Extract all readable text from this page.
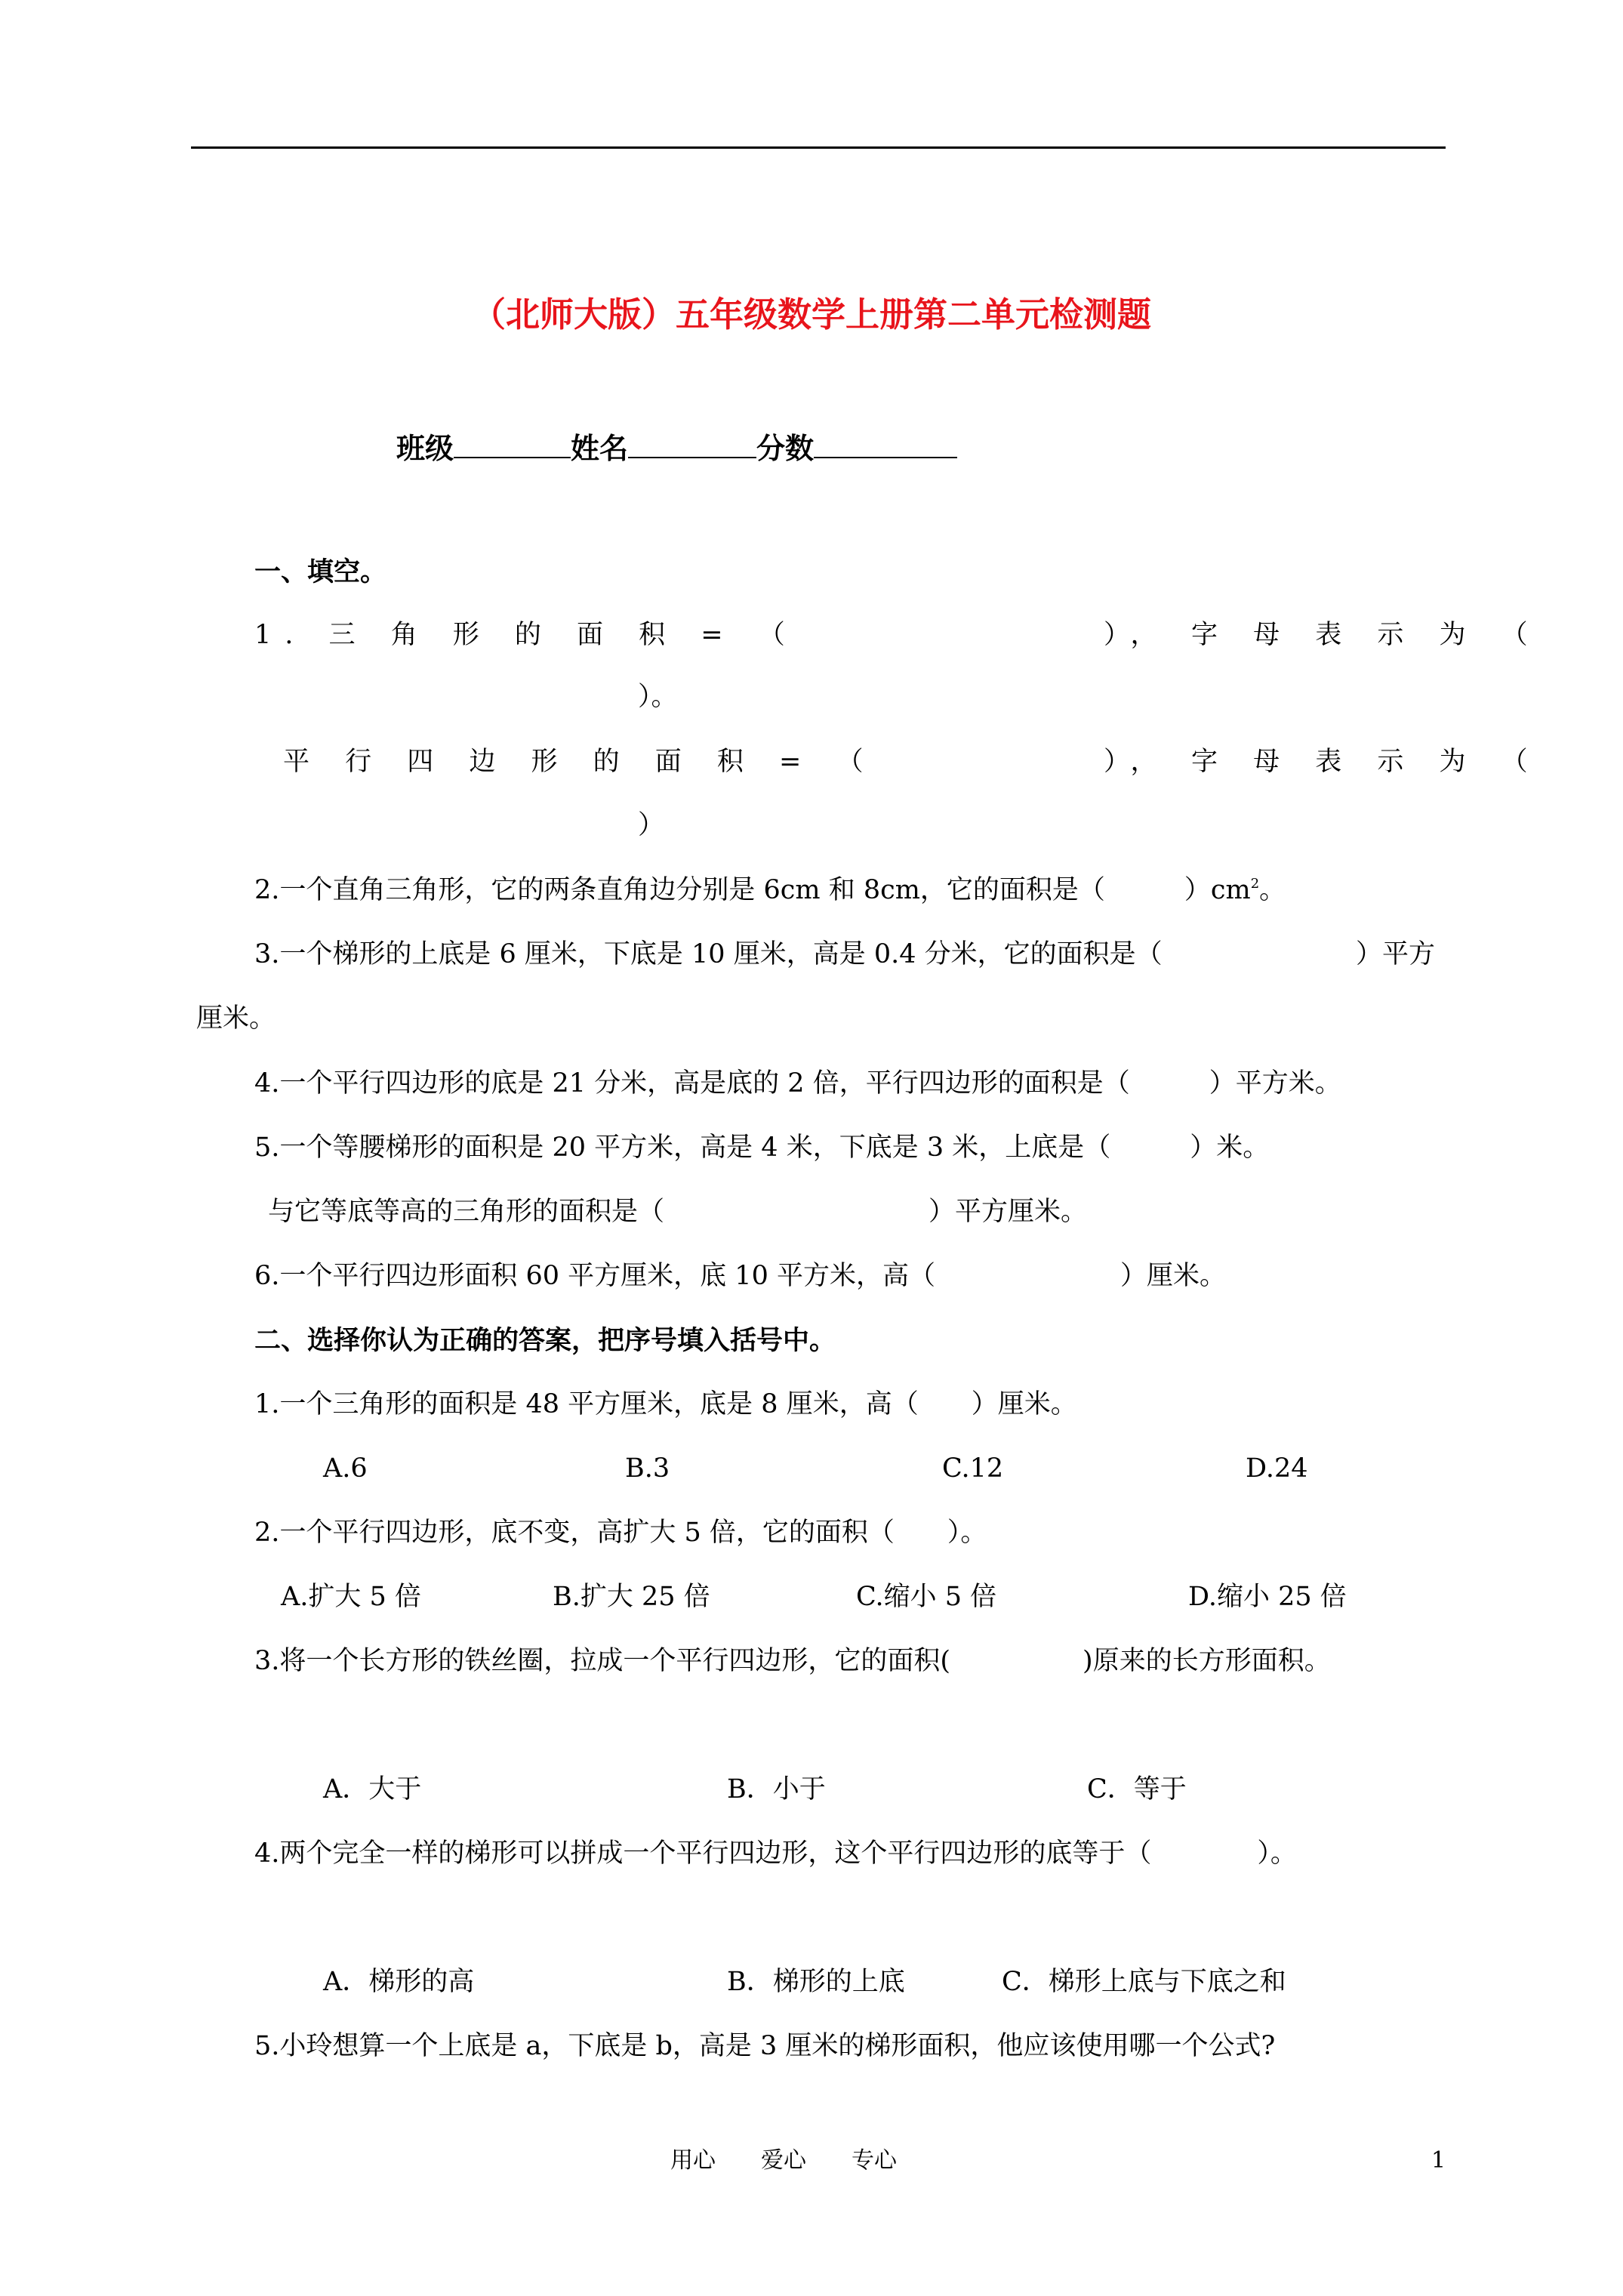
（北师大版）五年级数学上册第二单元检测题
班级	姓名	分数
一、填空。
1. 三 角 形 的 面 积 = （	）， 字 母 表 示 为 （
）。
平 行 四 边 形 的 面 积 = （	）， 字 母 表 示 为 （
）
2.一个直角三角形，它的两条直角边分别是 6cm 和 8cm，它的面积是（　　　）$cm^2$。
3.一个梯形的上底是 6 厘米，下底是 10 厘米，高是 0.4 分米，它的面积是（	）平方
厘米。
4.一个平行四边形的底是 21 分米，高是底的 2 倍，平行四边形的面积是（　　　）平方米。
5.一个等腰梯形的面积是 20 平方米，高是 4 米，下底是 3 米，上底是（　　　）米。
与它等底等高的三角形的面积是（　　　　　　　　　　）平方厘米。
6.一个平行四边形面积 60 平方厘米，底 10 平方米，高（　　　　　　　）厘米。
二、选择你认为正确的答案，把序号填入括号中。
1.一个三角形的面积是 48 平方厘米，底是 8 厘米，高（　　）厘米。
A.6	B.3	C.12	D.24
2.一个平行四边形，底不变，高扩大 5 倍，它的面积（　　）。
A.扩大 5 倍	B.扩大 25 倍	C.缩小 5 倍	D.缩小 25 倍
3.将一个长方形的铁丝圈，拉成一个平行四边形，它的面积(　　　　　)原来的长方形面积。
A．大于	B．小于	C．等于
4.两个完全一样的梯形可以拼成一个平行四边形，这个平行四边形的底等于（　　　　）。
A．梯形的高	B．梯形的上底	C．梯形上底与下底之和
5.小玲想算一个上底是 a，下底是 b，高是 3 厘米的梯形面积，他应该使用哪一个公式?
用心　　爱心　　专心	1
